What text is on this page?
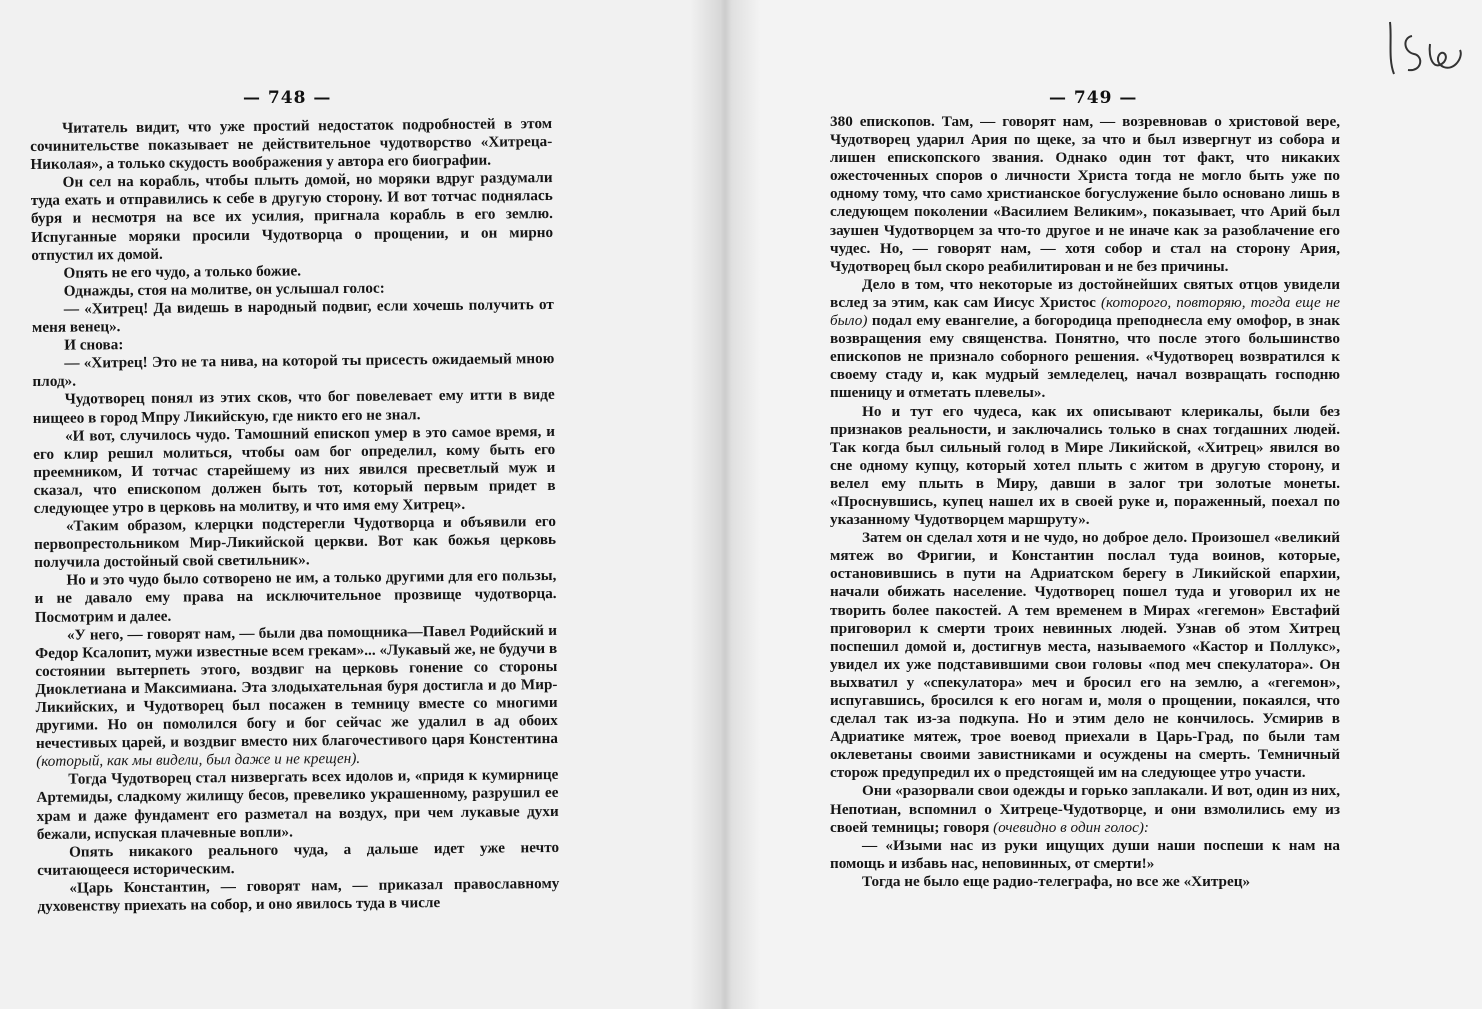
— 748 —

Читатель видит, что уже простий недостаток подробностей в этом сочинительстве показывает не действительное чудотворство «Хитреца-Николая», а только скудость воображения у автора его биографии.

Он сел на корабль, чтобы плыть домой, но моряки вдруг раздумали туда ехать и отправились к себе в другую сторону. И вот тотчас поднялась буря и несмотря на все их усилия, пригнала корабль в его землю. Испуганные моряки просили Чудотворца о прощении, и он мирно отпустил их домой.

Опять не его чудо, а только божие.

Однажды, стоя на молитве, он услышал голос:

— «Хитрец! Да видешь в народный подвиг, если хочешь получить от меня венец».

И снова:

— «Хитрец! Это не та нива, на которой ты присесть ожидаемый мною плод».

Чудотворец понял из этих сков, что бог повелевает ему итти в виде нищеео в город Мпру Ликийскую, где никто его не знал.

«И вот, случилось чудо. Тамошний епископ умер в это самое время, и его клир решил молиться, чтобы оам бог определил, кому быть его преемником, И тотчас старейшему из них явился пресветлый муж и сказал, что епископом должен быть тот, который первым придет в следующее утро в церковь на молитву, и что имя ему Хитрец».

«Таким образом, клерцки подстерегли Чудотворца и объявили его первопрестольником Мир-Ликийской церкви. Вот как божья церковь получила достойный свой светильник».

Но и это чудо было сотворено не им, а только другими для его пользы, и не давало ему права на исключительное прозвище чудотворца. Посмотрим и далее.

«У него, — говорят нам, — были два помощника—Павел Родийский и Федор Ксалопит, мужи известные всем грекам»... «Лукавый же, не будучи в состоянии вытерпеть этого, воздвиг на церковь гонение со стороны Диоклетиана и Максимиана. Эта злодыхательная буря достигла и до Мир-Ликийских, и Чудотворец был посажен в темницу вместе со многими другими. Но он помолился богу и бог сейчас же удалил в ад обоих нечестивых царей, и воздвиг вместо них благочестивого царя Констентина (который, как мы видели, был даже и не крещен).

Тогда Чудотворец стал низвергать всех идолов и, «придя к кумирнице Артемиды, сладкому жилищу бесов, превелико украшенному, разрушил ее храм и даже фундамент его разметал на воздух, при чем лукавые духи бежали, испуская плачевные вопли».

Опять никакого реального чуда, а дальше идет уже нечто считающееся историческим.

«Царь Константин, — говорят нам, — приказал православному духовенству приехать на собор, и оно явилось туда в числе

— 749 —

380 епископов. Там, — говорят нам, — возревновав о христовой вере, Чудотворец ударил Ария по щеке, за что и был извергнут из собора и лишен епископского звания. Однако один тот факт, что никаких ожесточенных споров о личности Христа тогда не могло быть уже по одному тому, что само христианское богуслужение было основано лишь в следующем поколении «Василием Великим», показывает, что Арий был заушен Чудотворцем за что-то другое и не иначе как за разоблачение его чудес. Но, — говорят нам, — хотя собор и стал на сторону Ария, Чудотворец был скоро реабилитирован и не без причины.

Дело в том, что некоторые из достойнейших святых отцов увидели вслед за этим, как сам Иисус Христос (которого, повторяю, тогда еще не было) подал ему евангелие, а богородица преподнесла ему омофор, в знак возвращения ему священства. Понятно, что после этого большинство епископов не признало соборного решения. «Чудотворец возвратился к своему стаду и, как мудрый земледелец, начал возвращать господню пшеницу и отметать плевелы».

Но и тут его чудеса, как их описывают клерикалы, были без признаков реальности, и заключались только в снах тогдашних людей. Так когда был сильный голод в Мире Ликийской, «Хитрец» явился во сне одному купцу, который хотел плыть с житом в другую сторону, и велел ему плыть в Миру, давши в залог три золотые монеты. «Проснувшись, купец нашел их в своей руке и, пораженный, поехал по указанному Чудотворцем маршруту».

Затем он сделал хотя и не чудо, но доброе дело. Произошел «великий мятеж во Фригии, и Константин послал туда воинов, которые, остановившись в пути на Адриатском берегу в Ликийской епархии, начали обижать население. Чудотворец пошел туда и уговорил их не творить более пакостей. А тем временем в Мирах «гегемон» Евстафий приговорил к смерти троих невинных людей. Узнав об этом Хитрец поспешил домой и, достигнув места, называемого «Кастор и Поллукс», увидел их уже подставившими свои головы «под меч спекулатора». Он выхватил у «спекулатора» меч и бросил его на землю, а «гегемон», испугавшись, бросился к его ногам и, моля о прощении, покаялся, что сделал так из-за подкупа. Но и этим дело не кончилось. Усмирив в Адриатике мятеж, трое воевод приехали в Царь-Град, по были там оклеветаны своими завистниками и осуждены на смерть. Темничный сторож предупредил их о предстоящей им на следующее утро участи.

Они «разорвали свои одежды и горько заплакали. И вот, один из них, Непотиан, вспомнил о Хитреце-Чудотворце, и они взмолились ему из своей темницы; говоря (очевидно в один голос):

— «Изыми нас из руки ищущих души наши поспеши к нам на помощь и избавь нас, неповинных, от смерти!»

Тогда не было еще радио-телеграфа, но все же «Хитрец»
